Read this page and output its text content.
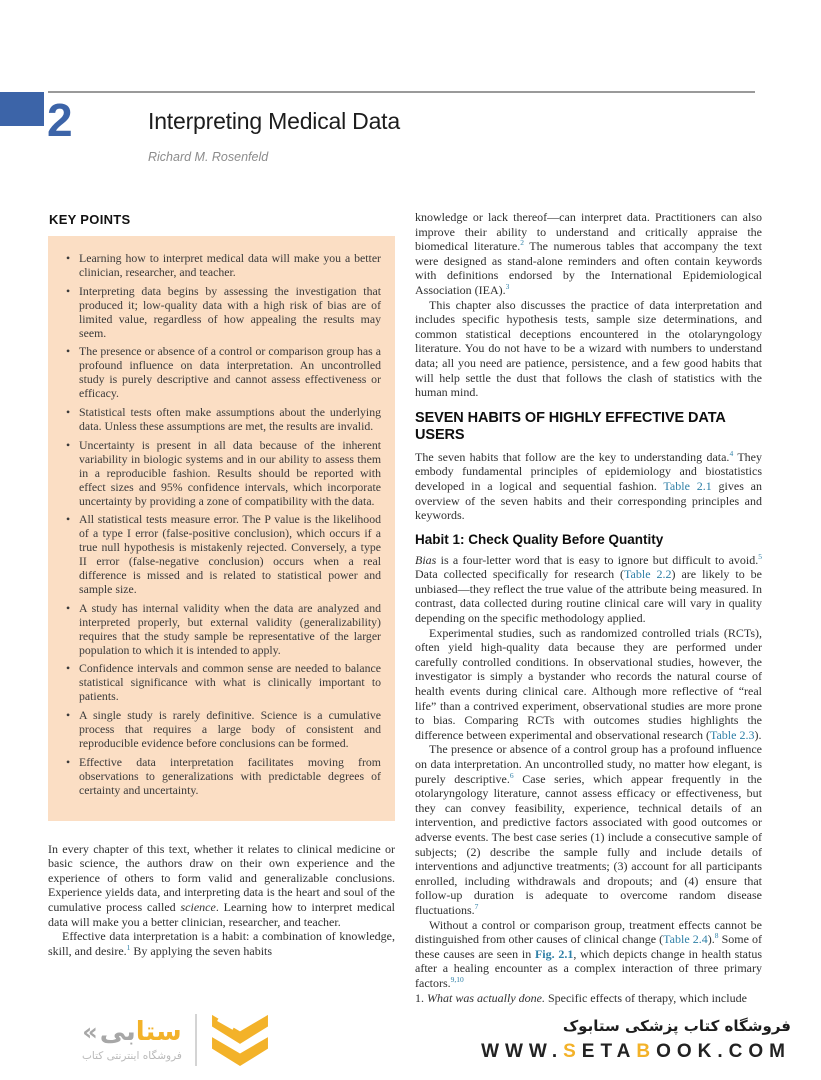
2	Interpreting Medical Data
Richard M. Rosenfeld
KEY POINTS
• Learning how to interpret medical data will make you a better clinician, researcher, and teacher.
• Interpreting data begins by assessing the investigation that produced it; low-quality data with a high risk of bias are of limited value, regardless of how appealing the results may seem.
• The presence or absence of a control or comparison group has a profound influence on data interpretation. An uncontrolled study is purely descriptive and cannot assess effectiveness or efficacy.
• Statistical tests often make assumptions about the underlying data. Unless these assumptions are met, the results are invalid.
• Uncertainty is present in all data because of the inherent variability in biologic systems and in our ability to assess them in a reproducible fashion. Results should be reported with effect sizes and 95% confidence intervals, which incorporate uncertainty by providing a zone of compatibility with the data.
• All statistical tests measure error. The P value is the likelihood of a type I error (false-positive conclusion), which occurs if a true null hypothesis is mistakenly rejected. Conversely, a type II error (false-negative conclusion) occurs when a real difference is missed and is related to statistical power and sample size.
• A study has internal validity when the data are analyzed and interpreted properly, but external validity (generalizability) requires that the study sample be representative of the larger population to which it is intended to apply.
• Confidence intervals and common sense are needed to balance statistical significance with what is clinically important to patients.
• A single study is rarely definitive. Science is a cumulative process that requires a large body of consistent and reproducible evidence before conclusions can be formed.
• Effective data interpretation facilitates moving from observations to generalizations with predictable degrees of certainty and uncertainty.

In every chapter of this text, whether it relates to clinical medicine or basic science, the authors draw on their own experience and the experience of others to form valid and generalizable conclusions. Experience yields data, and interpreting data is the heart and soul of the cumulative process called science. Learning how to interpret medical data will make you a better clinician, researcher, and teacher.

Effective data interpretation is a habit: a combination of knowledge, skill, and desire.$^1$ By applying the seven habits

knowledge or lack thereof—can interpret data. Practitioners can also improve their ability to understand and critically appraise the biomedical literature.$^2$ The numerous tables that accompany the text were designed as stand-alone reminders and often contain keywords with definitions endorsed by the International Epidemiological Association (IEA).$^3$

This chapter also discusses the practice of data interpretation and includes specific hypothesis tests, sample size determinations, and common statistical deceptions encountered in the otolaryngology literature. You do not have to be a wizard with numbers to understand data; all you need are patience, persistence, and a few good habits that will help settle the dust that follows the clash of statistics with the human mind.

SEVEN HABITS OF HIGHLY EFFECTIVE DATA USERS

The seven habits that follow are the key to understanding data.$^4$ They embody fundamental principles of epidemiology and biostatistics developed in a logical and sequential fashion. Table 2.1 gives an overview of the seven habits and their corresponding principles and keywords.

Habit 1: Check Quality Before Quantity

Bias is a four-letter word that is easy to ignore but difficult to avoid.$^5$ Data collected specifically for research (Table 2.2) are likely to be unbiased—they reflect the true value of the attribute being measured. In contrast, data collected during routine clinical care will vary in quality depending on the specific methodology applied.

Experimental studies, such as randomized controlled trials (RCTs), often yield high-quality data because they are performed under carefully controlled conditions. In observational studies, however, the investigator is simply a bystander who records the natural course of health events during clinical care. Although more reflective of “real life” than a contrived experiment, observational studies are more prone to bias. Comparing RCTs with outcomes studies highlights the difference between experimental and observational research (Table 2.3).

The presence or absence of a control group has a profound influence on data interpretation. An uncontrolled study, no matter how elegant, is purely descriptive.$^6$ Case series, which appear frequently in the otolaryngology literature, cannot assess efficacy or effectiveness, but they can convey feasibility, experience, technical details of an intervention, and predictive factors associated with good outcomes or adverse events. The best case series (1) include a consecutive sample of subjects; (2) describe the sample fully and include details of interventions and adjunctive treatments; (3) account for all participants enrolled, including withdrawals and dropouts; and (4) ensure that follow-up duration is adequate to overcome random disease fluctuations.$^7$

Without a control or comparison group, treatment effects cannot be distinguished from other causes of clinical change (Table 2.4).$^8$ Some of these causes are seen in Fig. 2.1, which depicts change in health status after a healing encounter as a complex interaction of three primary factors.$^{9,10}$

1. What was actually done. Specific effects of therapy, which include

« بی ستا
فروشگاه اینترنتی کتاب
فروشگاه کتاب پزشکی ستابوک
WWW.SETABOOK.COM
